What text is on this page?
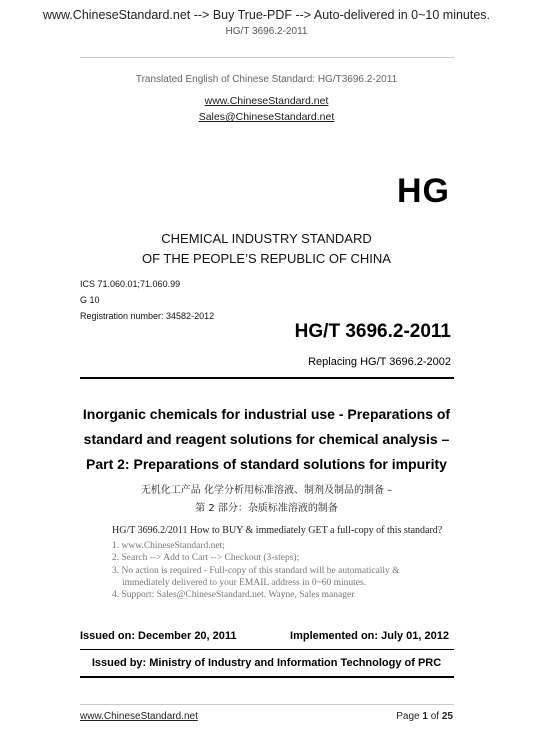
www.ChineseStandard.net --> Buy True-PDF --> Auto-delivered in 0~10 minutes.
HG/T 3696.2-2011
Translated English of Chinese Standard: HG/T3696.2-2011
www.ChineseStandard.net
Sales@ChineseStandard.net
HG
CHEMICAL INDUSTRY STANDARD
OF THE PEOPLE’S REPUBLIC OF CHINA
ICS 71.060.01;71.060.99
G 10
Registration number: 34582-2012
HG/T 3696.2-2011
Replacing HG/T 3696.2-2002
Inorganic chemicals for industrial use - Preparations of
standard and reagent solutions for chemical analysis –
Part 2: Preparations of standard solutions for impurity
无机化工产品 化学分析用标准溶液、制剂及制品的制备 –
第 2 部分：杂质标准溶液的制备
HG/T 3696.2/2011 How to BUY & immediately GET a full-copy of this standard?
1. www.ChineseStandard.net;
2. Search --> Add to Cart --> Checkout (3-steps);
3. No action is required - Full-copy of this standard will be automatically &
immediately delivered to your EMAIL address in 0~60 minutes.
4. Support: Sales@ChineseStandard.net. Wayne, Sales manager
Issued on: December 20, 2011	Implemented on: July 01, 2012
Issued by: Ministry of Industry and Information Technology of PRC
www.ChineseStandard.net	Page 1 of 25
